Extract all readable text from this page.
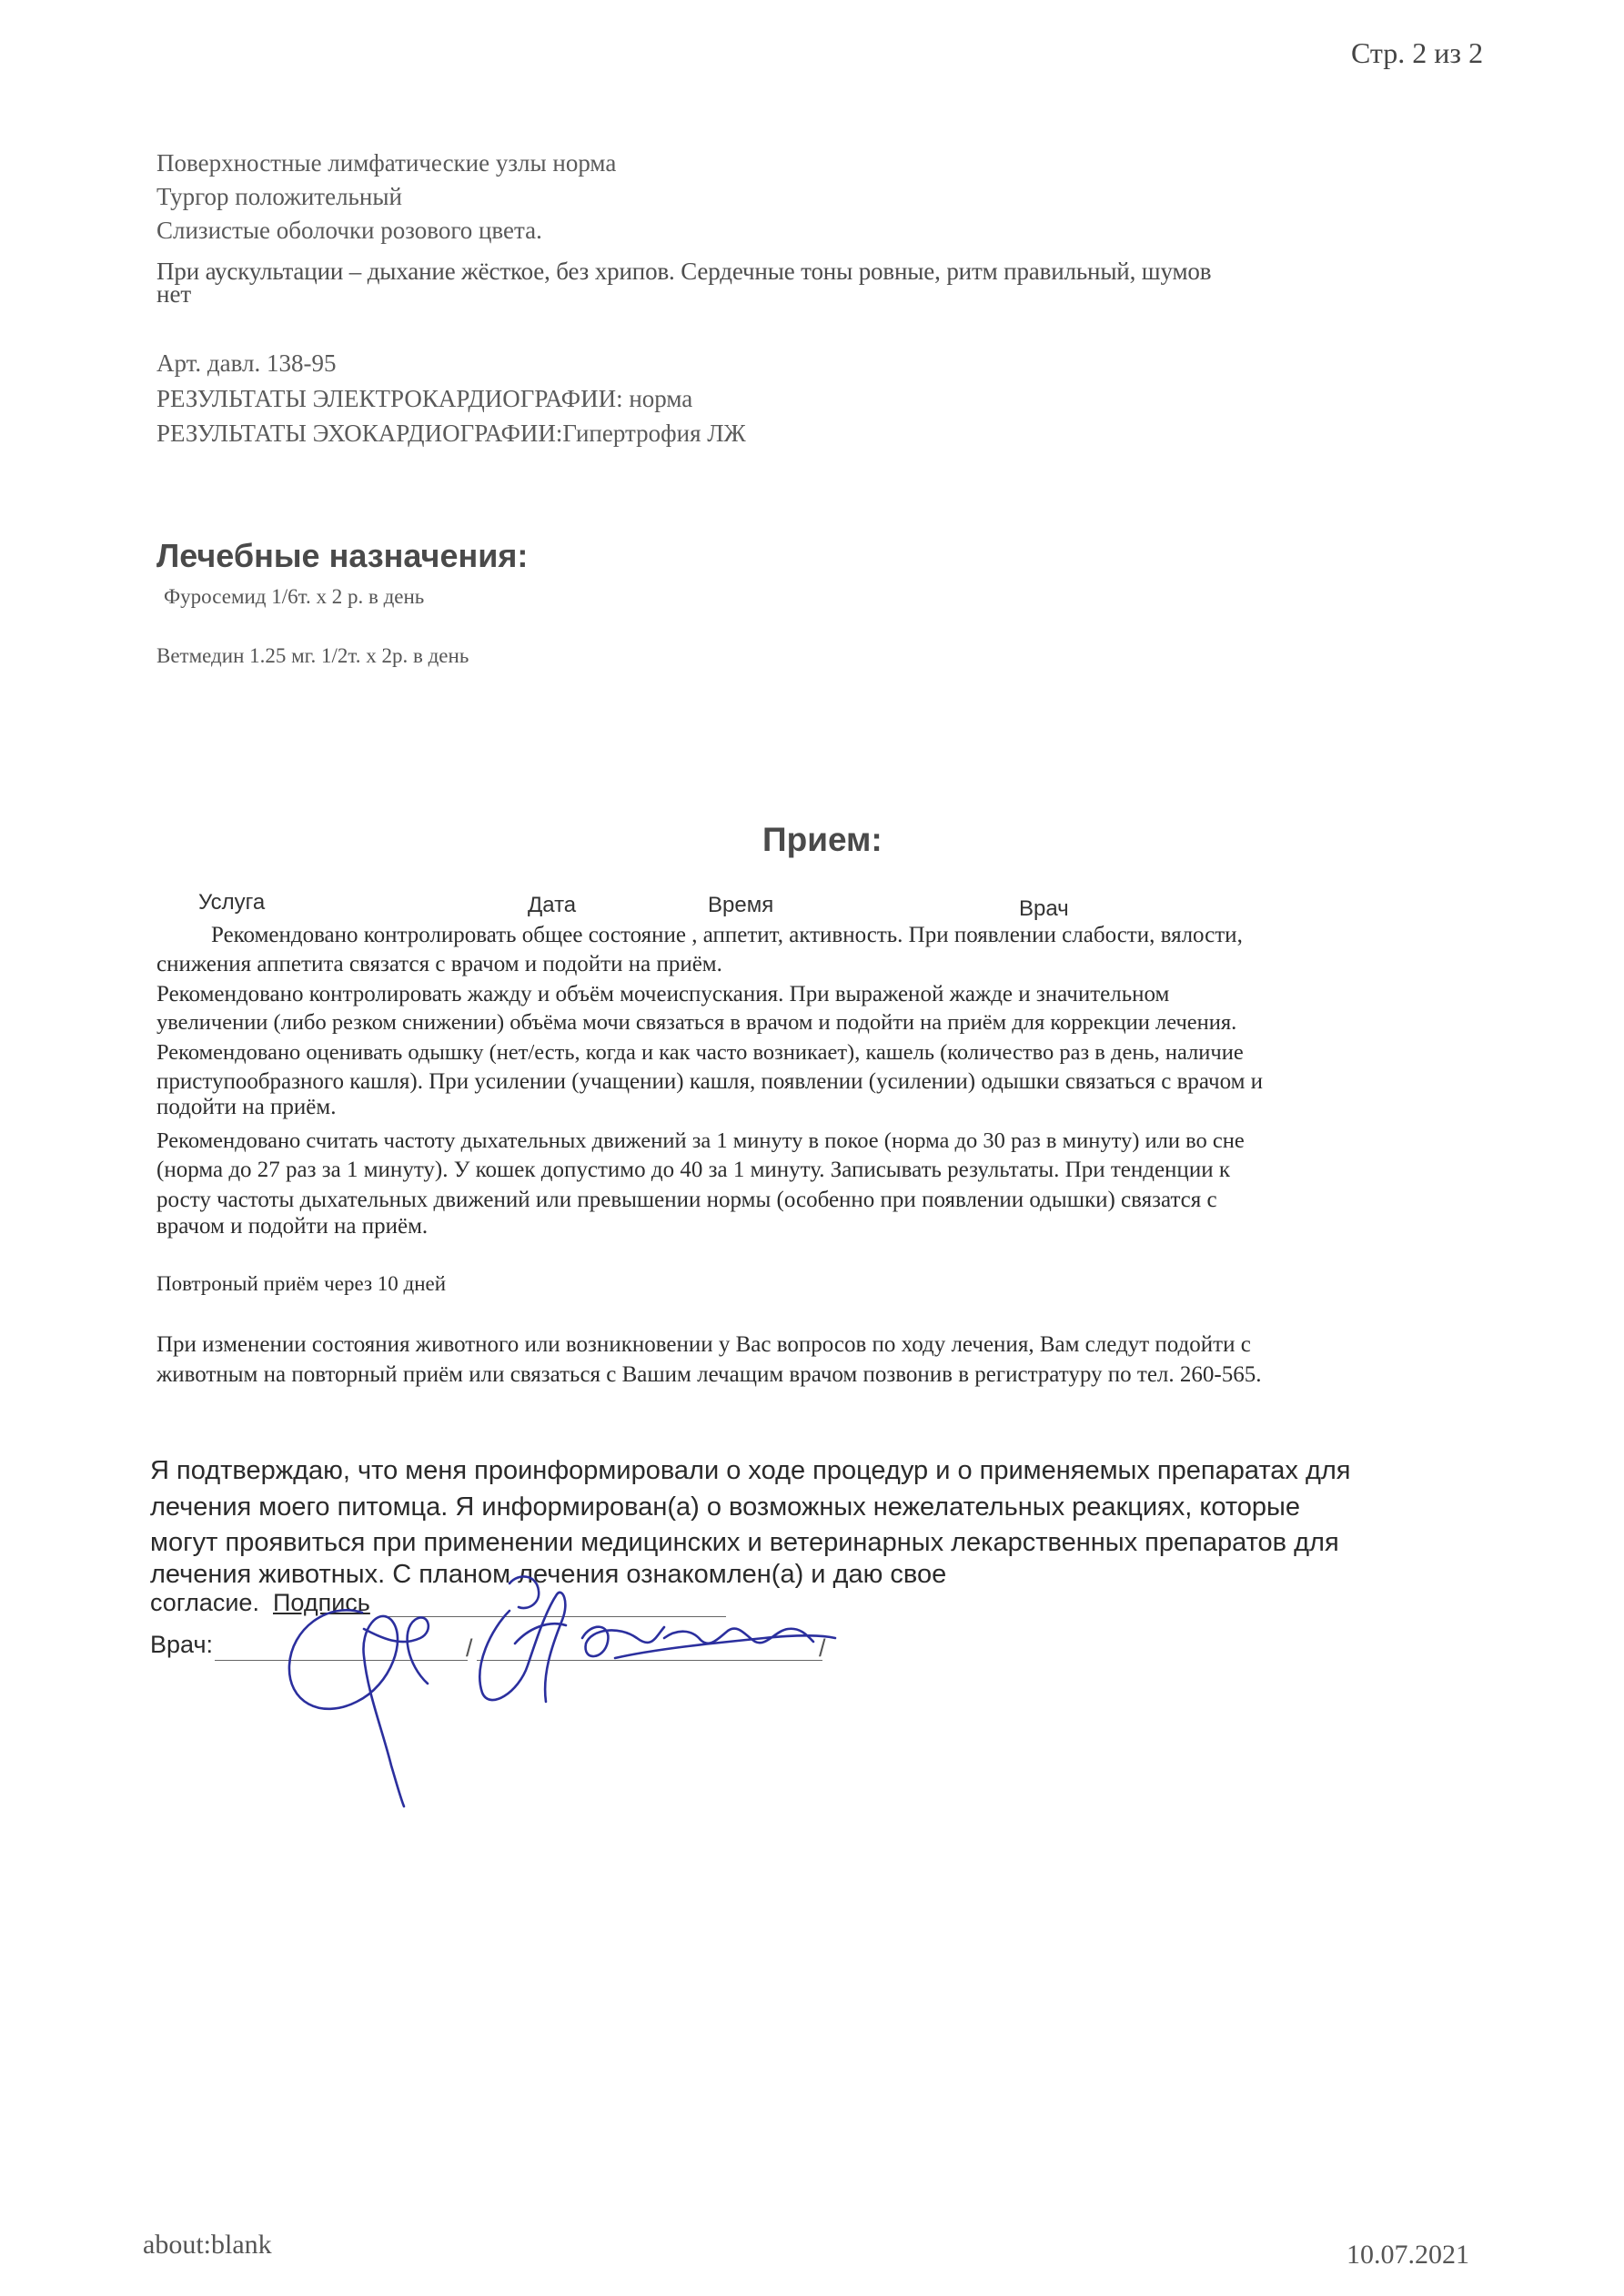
Стр. 2 из 2
Поверхностные лимфатические узлы норма
Тургор положительный
Слизистые оболочки розового цвета.
При аускультации – дыхание жёсткое, без хрипов. Сердечные тоны ровные, ритм правильный, шумов
нет
Арт. давл. 138-95
РЕЗУЛЬТАТЫ ЭЛЕКТРОКАРДИОГРАФИИ: норма
РЕЗУЛЬТАТЫ ЭХОКАРДИОГРАФИИ:Гипертрофия ЛЖ
Лечебные назначения:
Фуросемид 1/6т. х 2 р. в день
Ветмедин 1.25 мг. 1/2т. х 2р. в день
Прием:
Услуга	Дата	Время	Врач
Рекомендовано контролировать общее состояние , аппетит, активность. При появлении слабости, вялости,
снижения аппетита связатся с врачом и подойти на приём.
Рекомендовано контролировать жажду и объём мочеиспускания. При выраженой жажде и значительном
увеличении (либо резком снижении) объёма мочи связаться в врачом и подойти на приём для коррекции лечения.
Рекомендовано оценивать одышку (нет/есть, когда и как часто возникает), кашель (количество раз в день, наличие
приступообразного кашля). При усилении (учащении) кашля, появлении (усилении) одышки связаться с врачом и
подойти на приём.
Рекомендовано считать частоту дыхательных движений за 1 минуту в покое (норма до 30 раз в минуту) или во сне
(норма до 27 раз за 1 минуту). У кошек допустимо до 40 за 1 минуту. Записывать результаты. При тенденции к
росту частоты дыхательных движений или превышении нормы (особенно при появлении одышки) связатся с
врачом и подойти на приём.
Повтроный приём через 10 дней
При изменении состояния животного или возникновении у Вас вопросов по ходу лечения, Вам следут подойти с
животным на повторный приём или связаться с Вашим лечащим врачом позвонив в регистратуру по тел. 260-565.
Я подтверждаю, что меня проинформировали о ходе процедур и о применяемых препаратах для
лечения моего питомца. Я информирован(а) о возможных нежелательных реакциях, которые
могут проявиться при применении медицинских и ветеринарных лекарственных препаратов для
лечения животных. С планом лечения ознакомлен(а) и даю свое
согласие. Подпись
Врач:	/	/
about:blank	10.07.2021
